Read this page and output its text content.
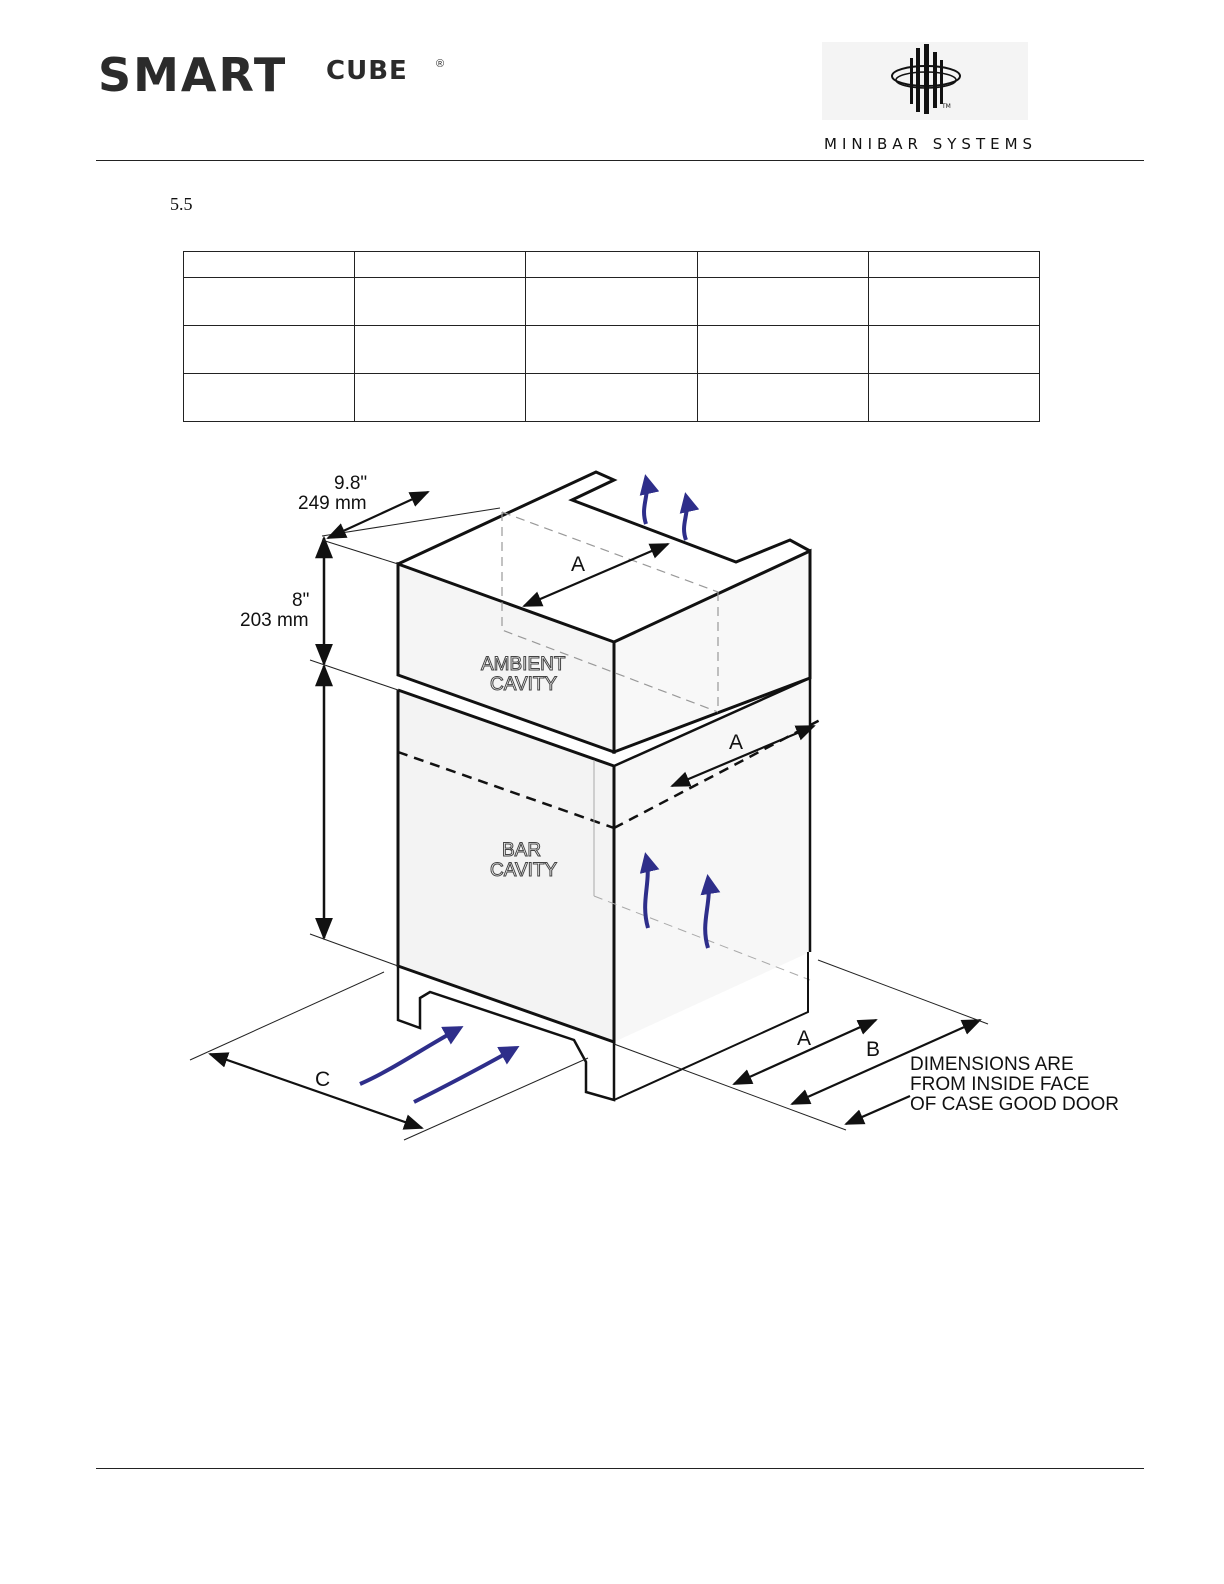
SMART CUBE	®
TM
MINIBAR SYSTEMS
5.5

9.8"
249 mm
8"
203 mm
A
A
A	B
C
AMBIENT
CAVITY
BAR
CAVITY
DIMENSIONS ARE
FROM INSIDE FACE
OF CASE GOOD DOOR
